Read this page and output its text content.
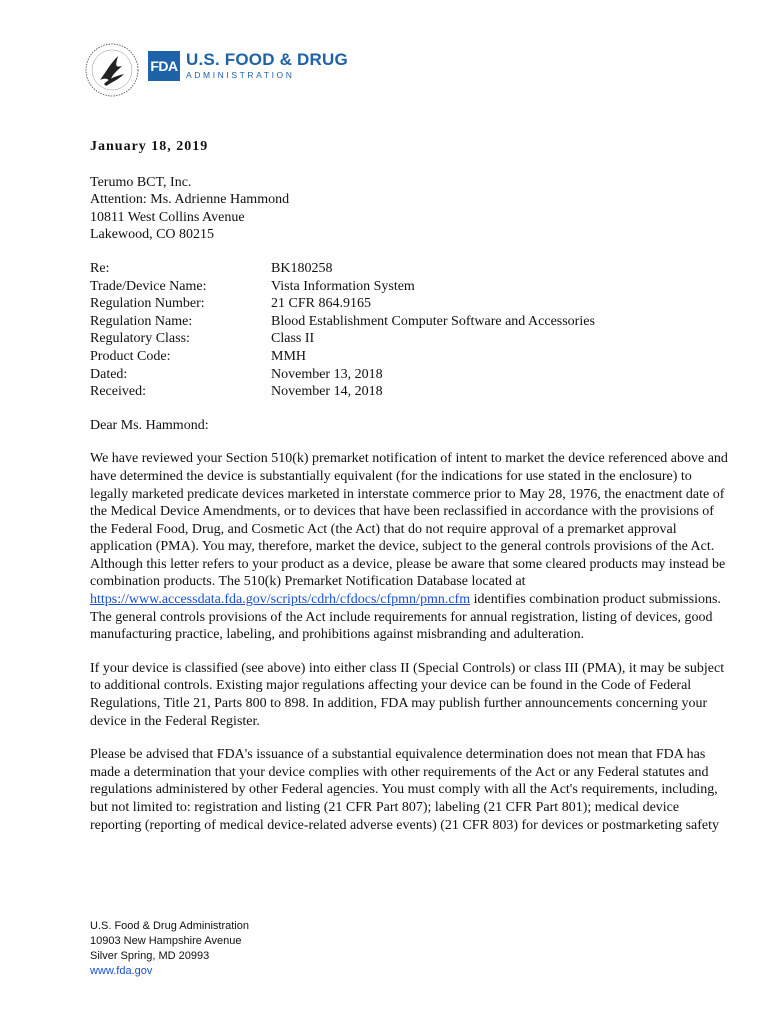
FDA U.S. FOOD & DRUG
ADMINISTRATION
January 18, 2019
Terumo BCT, Inc.
Attention: Ms. Adrienne Hammond
10811 West Collins Avenue
Lakewood, CO 80215
Re:	BK180258
Trade/Device Name:	Vista Information System
Regulation Number:	21 CFR 864.9165
Regulation Name:	Blood Establishment Computer Software and Accessories
Regulatory Class:	Class II
Product Code:	MMH
Dated:	November 13, 2018
Received:	November 14, 2018
Dear Ms. Hammond:

We have reviewed your Section 510(k) premarket notification of intent to market the device referenced above and have determined the device is substantially equivalent (for the indications for use stated in the enclosure) to legally marketed predicate devices marketed in interstate commerce prior to May 28, 1976, the enactment date of the Medical Device Amendments, or to devices that have been reclassified in accordance with the provisions of the Federal Food, Drug, and Cosmetic Act (the Act) that do not require approval of a premarket approval application (PMA). You may, therefore, market the device, subject to the general controls provisions of the Act. Although this letter refers to your product as a device, please be aware that some cleared products may instead be combination products. The 510(k) Premarket Notification Database located at https://www.accessdata.fda.gov/scripts/cdrh/cfdocs/cfpmn/pmn.cfm identifies combination product submissions. The general controls provisions of the Act include requirements for annual registration, listing of devices, good manufacturing practice, labeling, and prohibitions against misbranding and adulteration.

If your device is classified (see above) into either class II (Special Controls) or class III (PMA), it may be subject to additional controls. Existing major regulations affecting your device can be found in the Code of Federal Regulations, Title 21, Parts 800 to 898. In addition, FDA may publish further announcements concerning your device in the Federal Register.

Please be advised that FDA's issuance of a substantial equivalence determination does not mean that FDA has made a determination that your device complies with other requirements of the Act or any Federal statutes and regulations administered by other Federal agencies. You must comply with all the Act's requirements, including, but not limited to: registration and listing (21 CFR Part 807); labeling (21 CFR Part 801); medical device reporting (reporting of medical device-related adverse events) (21 CFR 803) for devices or postmarketing safety

U.S. Food & Drug Administration
10903 New Hampshire Avenue
Silver Spring, MD 20993
www.fda.gov
